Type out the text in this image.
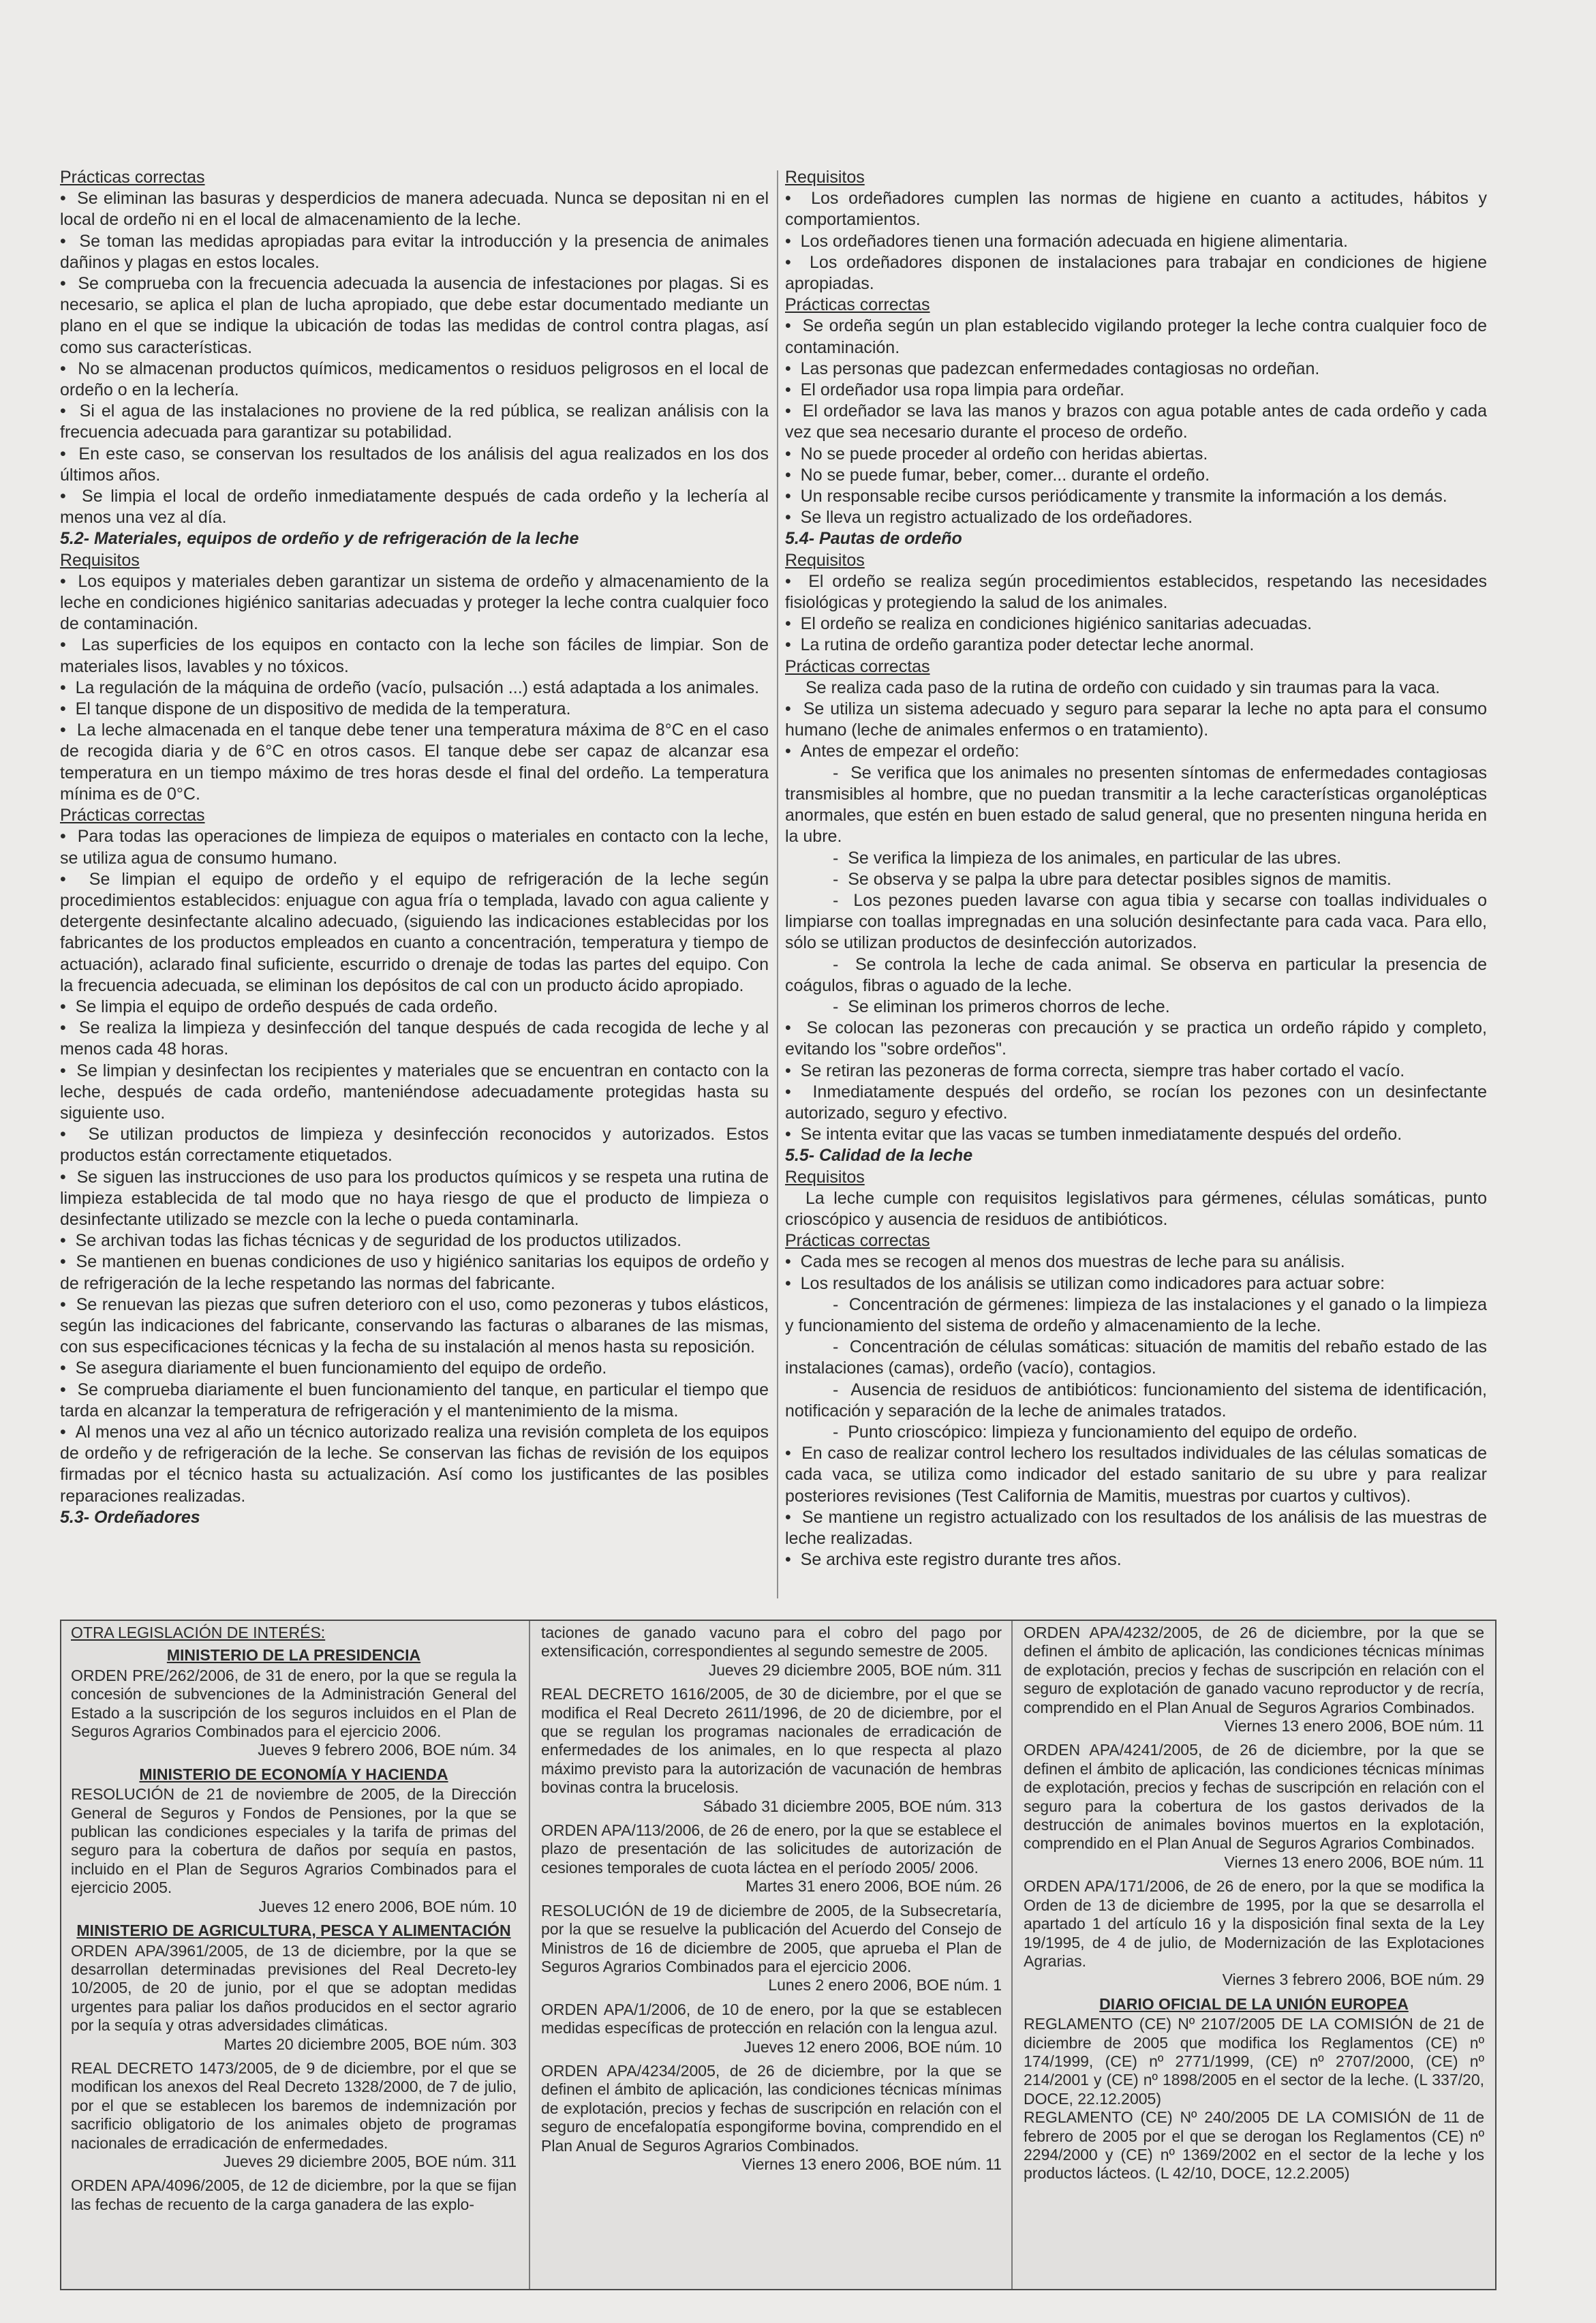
Prácticas correctas

•  Se eliminan las basuras y desperdicios de manera adecuada. Nunca se depositan ni en el local de ordeño ni en el local de almacenamiento de la leche.

•  Se toman las medidas apropiadas para evitar la introducción y la presencia de animales dañinos y plagas en estos locales.

•  Se comprueba con la frecuencia adecuada la ausencia de infestaciones por plagas. Si es necesario, se aplica el plan de lucha apropiado, que debe estar documentado mediante un plano en el que se indique la ubicación de todas las medidas de control contra plagas, así como sus características.

•  No se almacenan productos químicos, medicamentos o residuos peligrosos en el local de ordeño o en la lechería.

•  Si el agua de las instalaciones no proviene de la red pública, se realizan análisis con la frecuencia adecuada para garantizar su potabilidad.

•  En este caso, se conservan los resultados de los análisis del agua realizados en los dos últimos años.

•  Se limpia el local de ordeño inmediatamente después de cada ordeño y la lechería al menos una vez al día.

5.2- Materiales, equipos de ordeño y de refrigeración de la leche

Requisitos

•  Los equipos y materiales deben garantizar un sistema de ordeño y almacenamiento de la leche en condiciones higiénico sanitarias adecuadas y proteger la leche contra cualquier foco de contaminación.

•  Las superficies de los equipos en contacto con la leche son fáciles de limpiar. Son de materiales lisos, lavables y no tóxicos.

•  La regulación de la máquina de ordeño (vacío, pulsación ...) está adaptada a los animales.

•  El tanque dispone de un dispositivo de medida de la temperatura.

•  La leche almacenada en el tanque debe tener una temperatura máxima de 8°C en el caso de recogida diaria y de 6°C en otros casos. El tanque debe ser capaz de alcanzar esa temperatura en un tiempo máximo de tres horas desde el final del ordeño. La temperatura mínima es de 0°C.

Prácticas correctas

•  Para todas las operaciones de limpieza de equipos o materiales en contacto con la leche, se utiliza agua de consumo humano.

•  Se limpian el equipo de ordeño y el equipo de refrigeración de la leche según procedimientos establecidos: enjuague con agua fría o templada, lavado con agua caliente y detergente desinfectante alcalino adecuado, (siguiendo las indicaciones establecidas por los fabricantes de los productos empleados en cuanto a concentración, temperatura y tiempo de actuación), aclarado final suficiente, escurrido o drenaje de todas las partes del equipo. Con la frecuencia adecuada, se eliminan los depósitos de cal con un producto ácido apropiado.

•  Se limpia el equipo de ordeño después de cada ordeño.

•  Se realiza la limpieza y desinfección del tanque después de cada recogida de leche y al menos cada 48 horas.

•  Se limpian y desinfectan los recipientes y materiales que se encuentran en contacto con la leche, después de cada ordeño, manteniéndose adecuadamente protegidas hasta su siguiente uso.

•  Se utilizan productos de limpieza y desinfección reconocidos y autorizados. Estos productos están correctamente etiquetados.

•  Se siguen las instrucciones de uso para los productos químicos y se respeta una rutina de limpieza establecida de tal modo que no haya riesgo de que el producto de limpieza o desinfectante utilizado se mezcle con la leche o pueda contaminarla.

•  Se archivan todas las fichas técnicas y de seguridad de los productos utilizados.

•  Se mantienen en buenas condiciones de uso y higiénico sanitarias los equipos de ordeño y de refrigeración de la leche respetando las normas del fabricante.

•  Se renuevan las piezas que sufren deterioro con el uso, como pezoneras y tubos elásticos, según las indicaciones del fabricante, conservando las facturas o albaranes de las mismas, con sus especificaciones técnicas y la fecha de su instalación al menos hasta su reposición.

•  Se asegura diariamente el buen funcionamiento del equipo de ordeño.

•  Se comprueba diariamente el buen funcionamiento del tanque, en particular el tiempo que tarda en alcanzar la temperatura de refrigeración y el mantenimiento de la misma.

•  Al menos una vez al año un técnico autorizado realiza una revisión completa de los equipos de ordeño y de refrigeración de la leche. Se conservan las fichas de revisión de los equipos firmadas por el técnico hasta su actualización. Así como los justificantes de las posibles reparaciones realizadas.

5.3- Ordeñadores

Requisitos

•  Los ordeñadores cumplen las normas de higiene en cuanto a actitudes, hábitos y comportamientos.

•  Los ordeñadores tienen una formación adecuada en higiene alimentaria.

•  Los ordeñadores disponen de instalaciones para trabajar en condiciones de higiene apropiadas.

Prácticas correctas

•  Se ordeña según un plan establecido vigilando proteger la leche contra cualquier foco de contaminación.

•  Las personas que padezcan enfermedades contagiosas no ordeñan.

•  El ordeñador usa ropa limpia para ordeñar.

•  El ordeñador se lava las manos y brazos con agua potable antes de cada ordeño y cada vez que sea necesario durante el proceso de ordeño.

•  No se puede proceder al ordeño con heridas abiertas.

•  No se puede fumar, beber, comer... durante el ordeño.

•  Un responsable recibe cursos periódicamente y transmite la información a los demás.

•  Se lleva un registro actualizado de los ordeñadores.

5.4- Pautas de ordeño

Requisitos

•  El ordeño se realiza según procedimientos establecidos, respetando las necesidades fisiológicas y protegiendo la salud de los animales.

•  El ordeño se realiza en condiciones higiénico sanitarias adecuadas.

•  La rutina de ordeño garantiza poder detectar leche anormal.

Prácticas correctas

Se realiza cada paso de la rutina de ordeño con cuidado y sin traumas para la vaca.

•  Se utiliza un sistema adecuado y seguro para separar la leche no apta para el consumo humano (leche de animales enfermos o en tratamiento).

•  Antes de empezar el ordeño:

-  Se verifica que los animales no presenten síntomas de enfermedades contagiosas transmisibles al hombre, que no puedan transmitir a la leche características organolépticas anormales, que estén en buen estado de salud general, que no presenten ninguna herida en la ubre.

-  Se verifica la limpieza de los animales, en particular de las ubres.

-  Se observa y se palpa la ubre para detectar posibles signos de mamitis.

-  Los pezones pueden lavarse con agua tibia y secarse con toallas individuales o limpiarse con toallas impregnadas en una solución desinfectante para cada vaca. Para ello, sólo se utilizan productos de desinfección autorizados.

-  Se controla la leche de cada animal. Se observa en particular la presencia de coágulos, fibras o aguado de la leche.

-  Se eliminan los primeros chorros de leche.

•  Se colocan las pezoneras con precaución y se practica un ordeño rápido y completo, evitando los "sobre ordeños".

•  Se retiran las pezoneras de forma correcta, siempre tras haber cortado el vacío.

•  Inmediatamente después del ordeño, se rocían los pezones con un desinfectante autorizado, seguro y efectivo.

•  Se intenta evitar que las vacas se tumben inmediatamente después del ordeño.

5.5- Calidad de la leche

Requisitos

La leche cumple con requisitos legislativos para gérmenes, células somáticas, punto crioscópico y ausencia de residuos de antibióticos.

Prácticas correctas

•  Cada mes se recogen al menos dos muestras de leche para su análisis.

•  Los resultados de los análisis se utilizan como indicadores para actuar sobre:

-  Concentración de gérmenes: limpieza de las instalaciones y el ganado o la limpieza y funcionamiento del sistema de ordeño y almacenamiento de la leche.

-  Concentración de células somáticas: situación de mamitis del rebaño estado de las instalaciones (camas), ordeño (vacío), contagios.

-  Ausencia de residuos de antibióticos: funcionamiento del sistema de identificación, notificación y separación de la leche de animales tratados.

-  Punto crioscópico: limpieza y funcionamiento del equipo de ordeño.

•  En caso de realizar control lechero los resultados individuales de las células somaticas de cada vaca, se utiliza como indicador del estado sanitario de su ubre y para realizar posteriores revisiones (Test California de Mamitis, muestras por cuartos y cultivos).

•  Se mantiene un registro actualizado con los resultados de los análisis de las muestras de leche realizadas.

•  Se archiva este registro durante tres años.

OTRA LEGISLACIÓN DE INTERÉS:

MINISTERIO DE LA PRESIDENCIA

ORDEN PRE/262/2006, de 31 de enero, por la que se regula la concesión de subvenciones de la Administración General del Estado a la suscripción de los seguros incluidos en el Plan de Seguros Agrarios Combinados para el ejercicio 2006.

Jueves 9 febrero 2006, BOE núm. 34

MINISTERIO DE ECONOMÍA Y HACIENDA

RESOLUCIÓN de 21 de noviembre de 2005, de la Dirección General de Seguros y Fondos de Pensiones, por la que se publican las condiciones especiales y la tarifa de primas del seguro para la cobertura de daños por sequía en pastos, incluido en el Plan de Seguros Agrarios Combinados para el ejercicio 2005.

Jueves 12 enero 2006, BOE núm. 10

MINISTERIO DE AGRICULTURA, PESCA Y ALIMENTACIÓN

ORDEN APA/3961/2005, de 13 de diciembre, por la que se desarrollan determinadas previsiones del Real Decreto-ley 10/2005, de 20 de junio, por el que se adoptan medidas urgentes para paliar los daños producidos en el sector agrario por la sequía y otras adversidades climáticas.

Martes 20 diciembre 2005, BOE núm. 303

REAL DECRETO 1473/2005, de 9 de diciembre, por el que se modifican los anexos del Real Decreto 1328/2000, de 7 de julio, por el que se establecen los baremos de indemnización por sacrificio obligatorio de los animales objeto de programas nacionales de erradicación de enfermedades.

Jueves 29 diciembre 2005, BOE núm. 311

ORDEN APA/4096/2005, de 12 de diciembre, por la que se fijan las fechas de recuento de la carga ganadera de las explo-

taciones de ganado vacuno para el cobro del pago por extensificación, correspondientes al segundo semestre de 2005.

Jueves 29 diciembre 2005, BOE núm. 311

REAL DECRETO 1616/2005, de 30 de diciembre, por el que se modifica el Real Decreto 2611/1996, de 20 de diciembre, por el que se regulan los programas nacionales de erradicación de enfermedades de los animales, en lo que respecta al plazo máximo previsto para la autorización de vacunación de hembras bovinas contra la brucelosis.

Sábado 31 diciembre 2005, BOE núm. 313

ORDEN APA/113/2006, de 26 de enero, por la que se establece el plazo de presentación de las solicitudes de autorización de cesiones temporales de cuota láctea en el período 2005/ 2006.

Martes 31 enero 2006, BOE núm. 26

RESOLUCIÓN de 19 de diciembre de 2005, de la Subsecretaría, por la que se resuelve la publicación del Acuerdo del Consejo de Ministros de 16 de diciembre de 2005, que aprueba el Plan de Seguros Agrarios Combinados para el ejercicio 2006.

Lunes 2 enero 2006, BOE núm. 1

ORDEN APA/1/2006, de 10 de enero, por la que se establecen medidas específicas de protección en relación con la lengua azul.

Jueves 12 enero 2006, BOE núm. 10

ORDEN APA/4234/2005, de 26 de diciembre, por la que se definen el ámbito de aplicación, las condiciones técnicas mínimas de explotación, precios y fechas de suscripción en relación con el seguro de encefalopatía espongiforme bovina, comprendido en el Plan Anual de Seguros Agrarios Combinados.

Viernes 13 enero 2006, BOE núm. 11

ORDEN APA/4232/2005, de 26 de diciembre, por la que se definen el ámbito de aplicación, las condiciones técnicas mínimas de explotación, precios y fechas de suscripción en relación con el seguro de explotación de ganado vacuno reproductor y de recría, comprendido en el Plan Anual de Seguros Agrarios Combinados.

Viernes 13 enero 2006, BOE núm. 11

ORDEN APA/4241/2005, de 26 de diciembre, por la que se definen el ámbito de aplicación, las condiciones técnicas mínimas de explotación, precios y fechas de suscripción en relación con el seguro para la cobertura de los gastos derivados de la destrucción de animales bovinos muertos en la explotación, comprendido en el Plan Anual de Seguros Agrarios Combinados.

Viernes 13 enero 2006, BOE núm. 11

ORDEN APA/171/2006, de 26 de enero, por la que se modifica la Orden de 13 de diciembre de 1995, por la que se desarrolla el apartado 1 del artículo 16 y la disposición final sexta de la Ley 19/1995, de 4 de julio, de Modernización de las Explotaciones Agrarias.

Viernes 3 febrero 2006, BOE núm. 29

DIARIO OFICIAL DE LA UNIÓN EUROPEA

REGLAMENTO (CE) Nº 2107/2005 DE LA COMISIÓN de 21 de diciembre de 2005 que modifica los Reglamentos (CE) nº 174/1999, (CE) nº 2771/1999, (CE) nº 2707/2000, (CE) nº 214/2001 y (CE) nº 1898/2005 en el sector de la leche. (L 337/20, DOCE, 22.12.2005)

REGLAMENTO (CE) Nº 240/2005 DE LA COMISIÓN de 11 de febrero de 2005 por el que se derogan los Reglamentos (CE) nº 2294/2000 y (CE) nº 1369/2002 en el sector de la leche y los productos lácteos. (L 42/10, DOCE, 12.2.2005)
